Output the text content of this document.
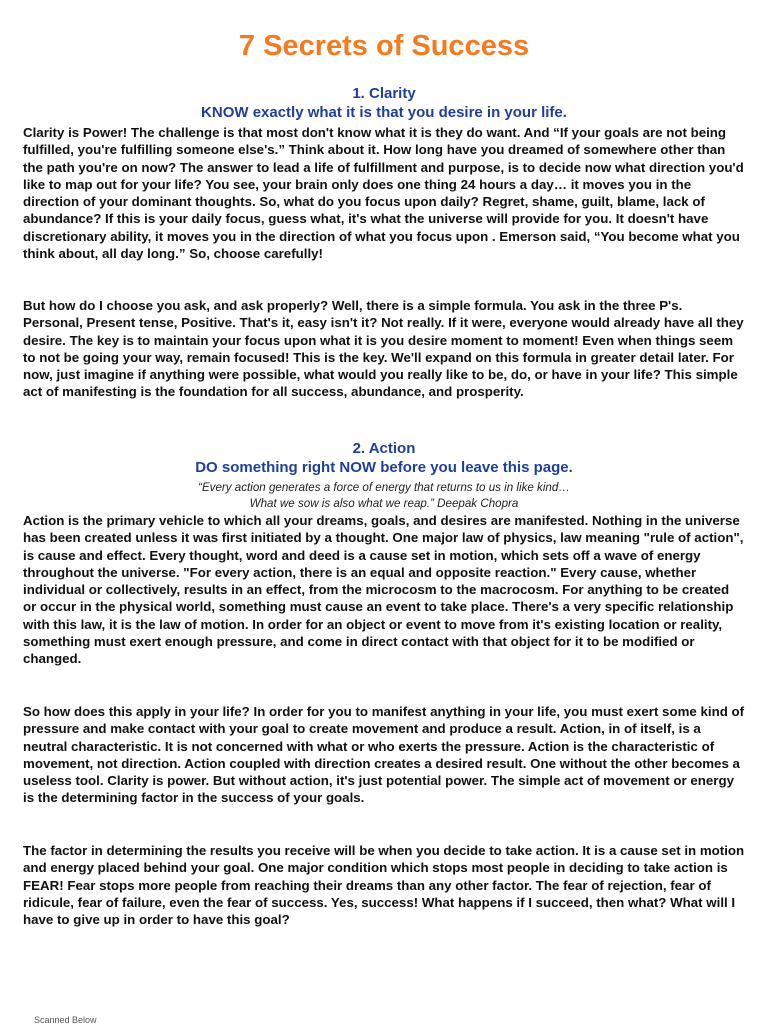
7 Secrets of Success
1. Clarity
KNOW exactly what it is that you desire in your life.

Clarity is Power! The challenge is that most don't know what it is they do want. And “If your goals are not being fulfilled, you're fulfilling someone else's.” Think about it. How long have you dreamed of somewhere other than the path you're on now? The answer to lead a life of fulfillment and purpose, is to decide now what direction you'd like to map out for your life? You see, your brain only does one thing 24 hours a day… it moves you in the direction of your dominant thoughts. So, what do you focus upon daily? Regret, shame, guilt, blame, lack of abundance? If this is your daily focus, guess what, it's what the universe will provide for you. It doesn't have discretionary ability, it moves you in the direction of what you focus upon . Emerson said, “You become what you think about, all day long.” So, choose carefully!

But how do I choose you ask, and ask properly? Well, there is a simple formula. You ask in the three P's. Personal, Present tense, Positive. That's it, easy isn't it? Not really. If it were, everyone would already have all they desire. The key is to maintain your focus upon what it is you desire moment to moment! Even when things seem to not be going your way, remain focused! This is the key. We'll expand on this formula in greater detail later. For now, just imagine if anything were possible, what would you really like to be, do, or have in your life? This simple act of manifesting is the foundation for all success, abundance, and prosperity.

2. Action
DO something right NOW before you leave this page.

“Every action generates a force of energy that returns to us in like kind…

What we sow is also what we reap.” Deepak Chopra

Action is the primary vehicle to which all your dreams, goals, and desires are manifested. Nothing in the universe has been created unless it was first initiated by a thought. One major law of physics, law meaning "rule of action", is cause and effect. Every thought, word and deed is a cause set in motion, which sets off a wave of energy throughout the universe. "For every action, there is an equal and opposite reaction." Every cause, whether individual or collectively, results in an effect, from the microcosm to the macrocosm. For anything to be created or occur in the physical world, something must cause an event to take place. There's a very specific relationship with this law, it is the law of motion. In order for an object or event to move from it's existing location or reality, something must exert enough pressure, and come in direct contact with that object for it to be modified or changed.

So how does this apply in your life? In order for you to manifest anything in your life, you must exert some kind of pressure and make contact with your goal to create movement and produce a result. Action, in of itself, is a neutral characteristic. It is not concerned with what or who exerts the pressure. Action is the characteristic of movement, not direction. Action coupled with direction creates a desired result. One without the other becomes a useless tool. Clarity is power. But without action, it's just potential power. The simple act of movement or energy is the determining factor in the success of your goals.

The factor in determining the results you receive will be when you decide to take action. It is a cause set in motion and energy placed behind your goal. One major condition which stops most people in deciding to take action is FEAR! Fear stops more people from reaching their dreams than any other factor. The fear of rejection, fear of ridicule, fear of failure, even the fear of success. Yes, success! What happens if I succeed, then what? What will I have to give up in order to have this goal?

Scanned Below
